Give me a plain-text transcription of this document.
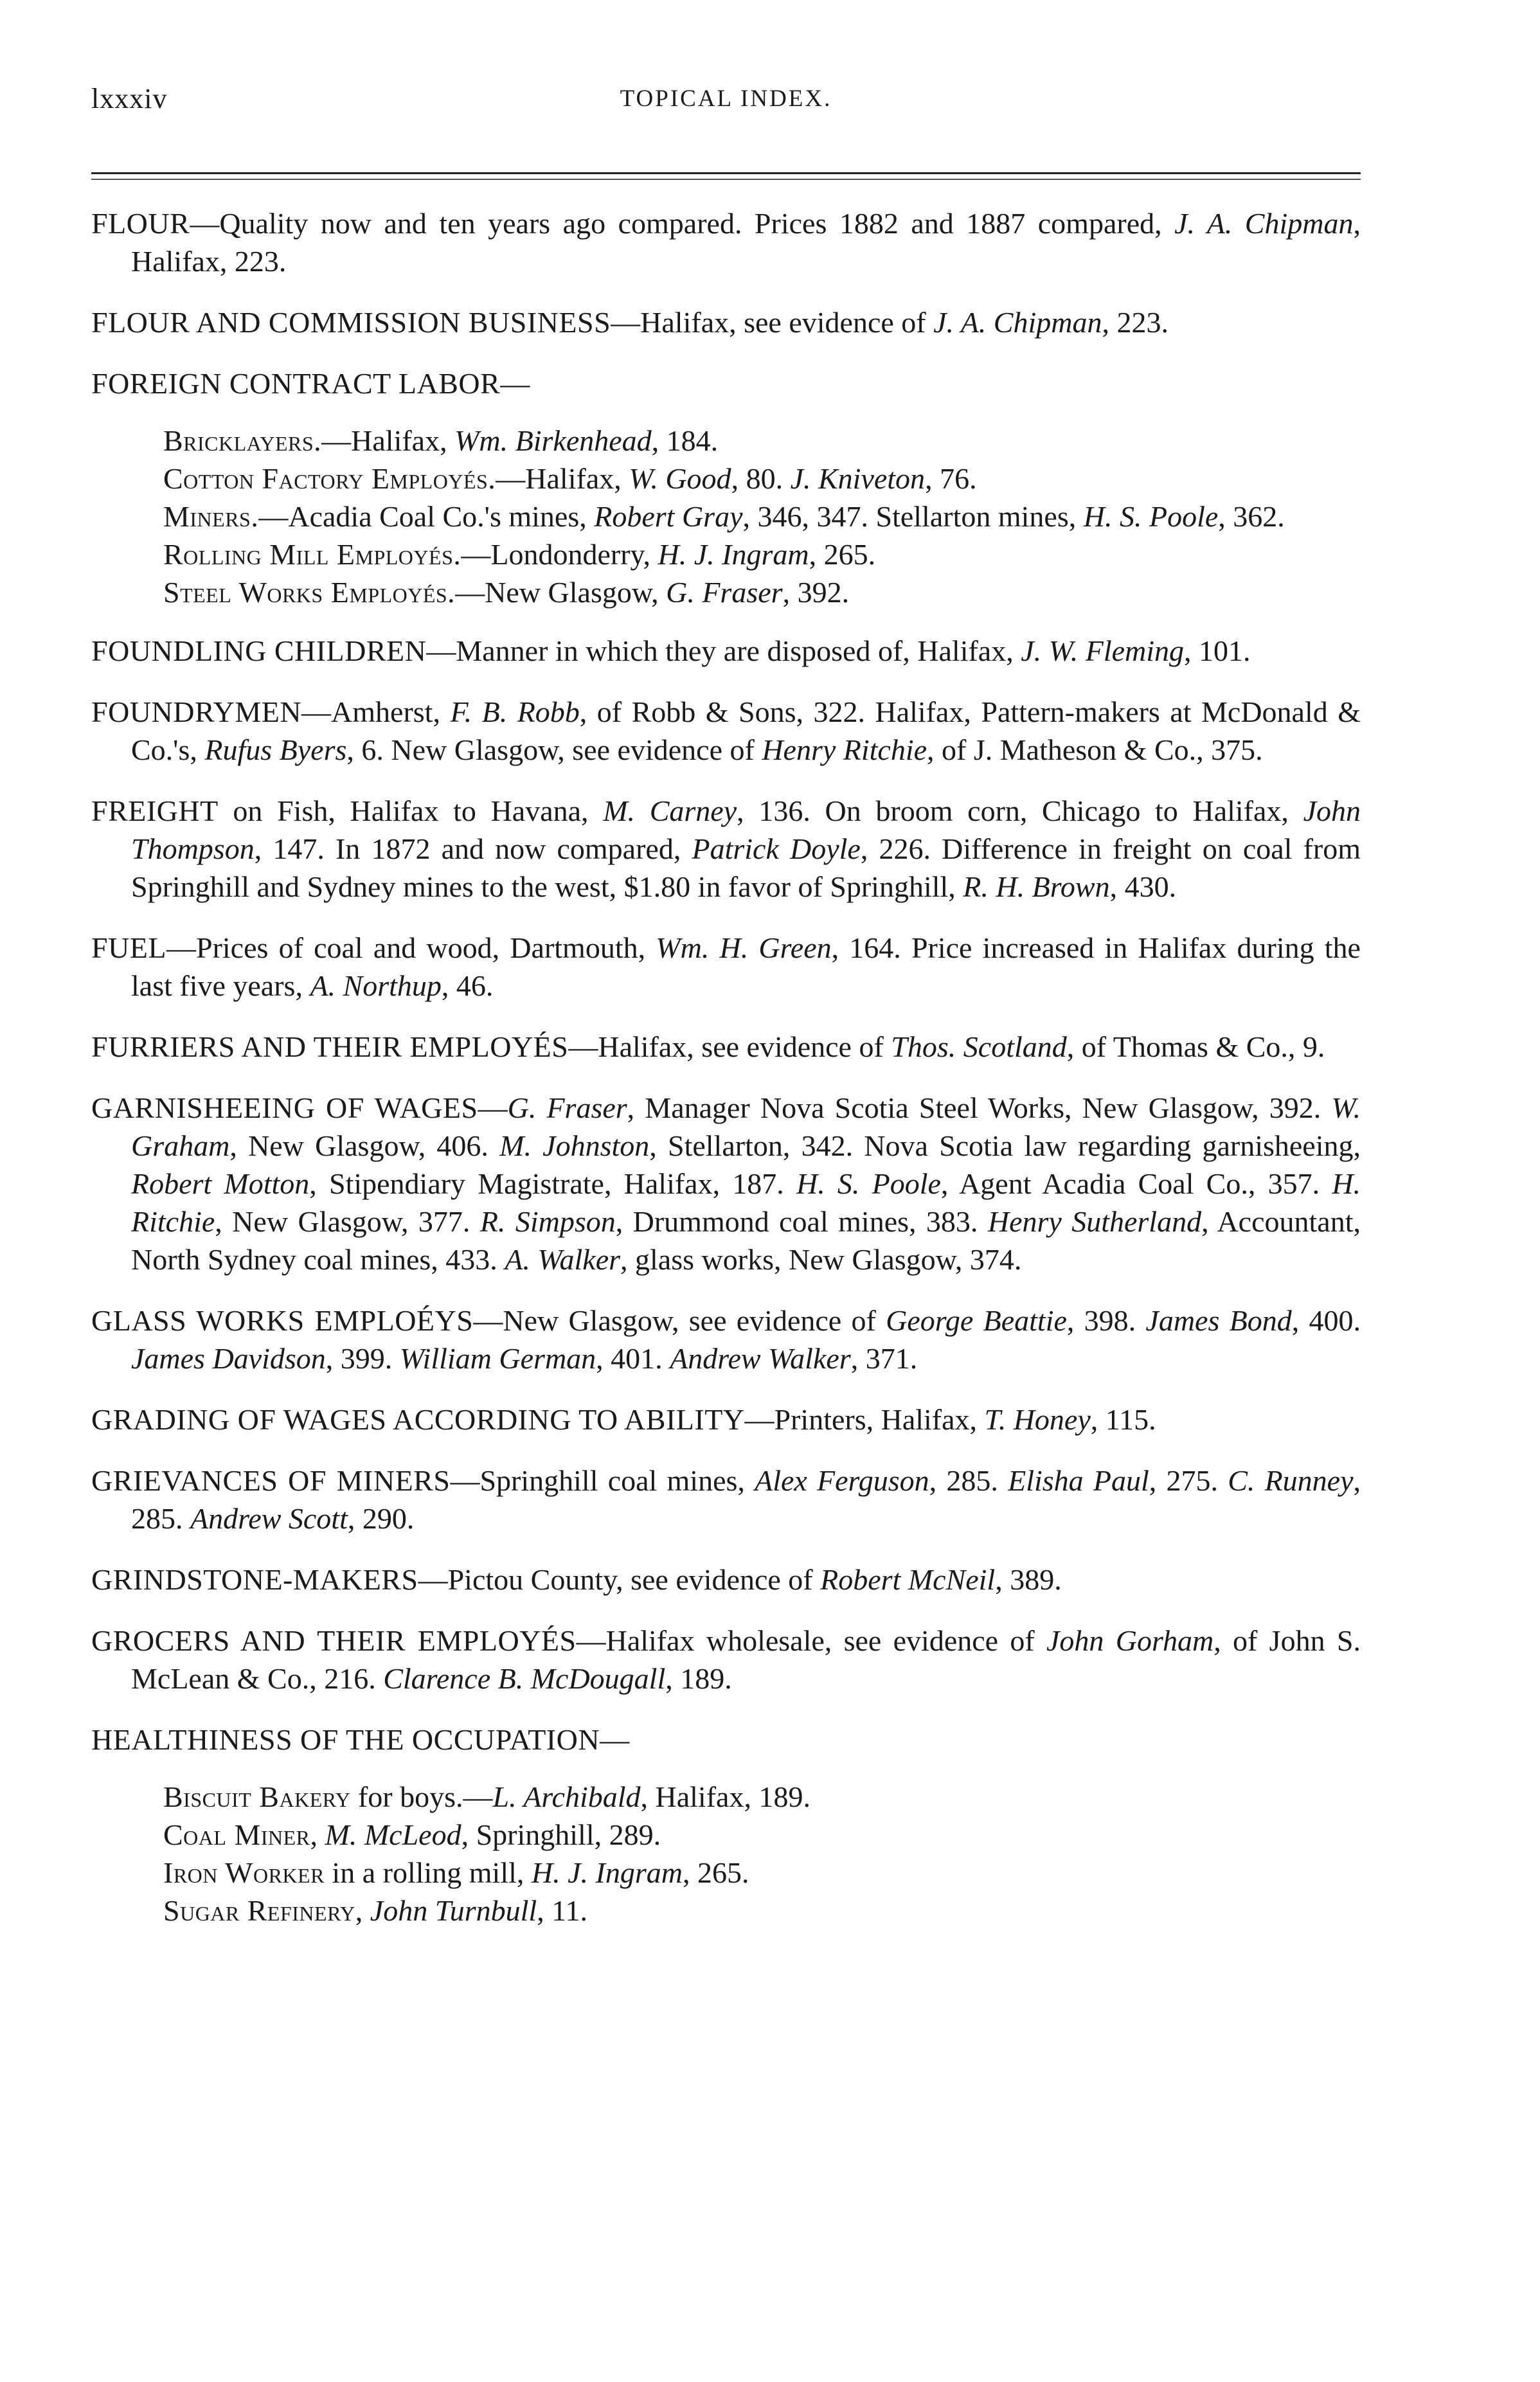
lxxxiv	TOPICAL INDEX.

FLOUR—Quality now and ten years ago compared. Prices 1882 and 1887 compared, J. A. Chipman, Halifax, 223.

FLOUR AND COMMISSION BUSINESS—Halifax, see evidence of J. A. Chipman, 223.

FOREIGN CONTRACT LABOR—

Bricklayers.—Halifax, Wm. Birkenhead, 184.

Cotton Factory Employés.—Halifax, W. Good, 80. J. Kniveton, 76.

Miners.—Acadia Coal Co.'s mines, Robert Gray, 346, 347. Stellarton mines, H. S. Poole, 362.

Rolling Mill Employés.—Londonderry, H. J. Ingram, 265.

Steel Works Employés.—New Glasgow, G. Fraser, 392.

FOUNDLING CHILDREN—Manner in which they are disposed of, Halifax, J. W. Fleming, 101.

FOUNDRYMEN—Amherst, F. B. Robb, of Robb & Sons, 322. Halifax, Pattern-makers at McDonald & Co.'s, Rufus Byers, 6. New Glasgow, see evidence of Henry Ritchie, of J. Matheson & Co., 375.

FREIGHT on Fish, Halifax to Havana, M. Carney, 136. On broom corn, Chicago to Halifax, John Thompson, 147. In 1872 and now compared, Patrick Doyle, 226. Difference in freight on coal from Springhill and Sydney mines to the west, $1.80 in favor of Springhill, R. H. Brown, 430.

FUEL—Prices of coal and wood, Dartmouth, Wm. H. Green, 164. Price increased in Halifax during the last five years, A. Northup, 46.

FURRIERS AND THEIR EMPLOYÉS—Halifax, see evidence of Thos. Scotland, of Thomas & Co., 9.

GARNISHEEING OF WAGES—G. Fraser, Manager Nova Scotia Steel Works, New Glasgow, 392. W. Graham, New Glasgow, 406. M. Johnston, Stellarton, 342. Nova Scotia law regarding garnisheeing, Robert Motton, Stipendiary Magistrate, Halifax, 187. H. S. Poole, Agent Acadia Coal Co., 357. H. Ritchie, New Glasgow, 377. R. Simpson, Drummond coal mines, 383. Henry Sutherland, Accountant, North Sydney coal mines, 433. A. Walker, glass works, New Glasgow, 374.

GLASS WORKS EMPLOÉYS—New Glasgow, see evidence of George Beattie, 398. James Bond, 400. James Davidson, 399. William German, 401. Andrew Walker, 371.

GRADING OF WAGES ACCORDING TO ABILITY—Printers, Halifax, T. Honey, 115.

GRIEVANCES OF MINERS—Springhill coal mines, Alex Ferguson, 285. Elisha Paul, 275. C. Runney, 285. Andrew Scott, 290.

GRINDSTONE-MAKERS—Pictou County, see evidence of Robert McNeil, 389.

GROCERS AND THEIR EMPLOYÉS—Halifax wholesale, see evidence of John Gorham, of John S. McLean & Co., 216. Clarence B. McDougall, 189.

HEALTHINESS OF THE OCCUPATION—

Biscuit Bakery for boys.—L. Archibald, Halifax, 189.

Coal Miner, M. McLeod, Springhill, 289.

Iron Worker in a rolling mill, H. J. Ingram, 265.

Sugar Refinery, John Turnbull, 11.
